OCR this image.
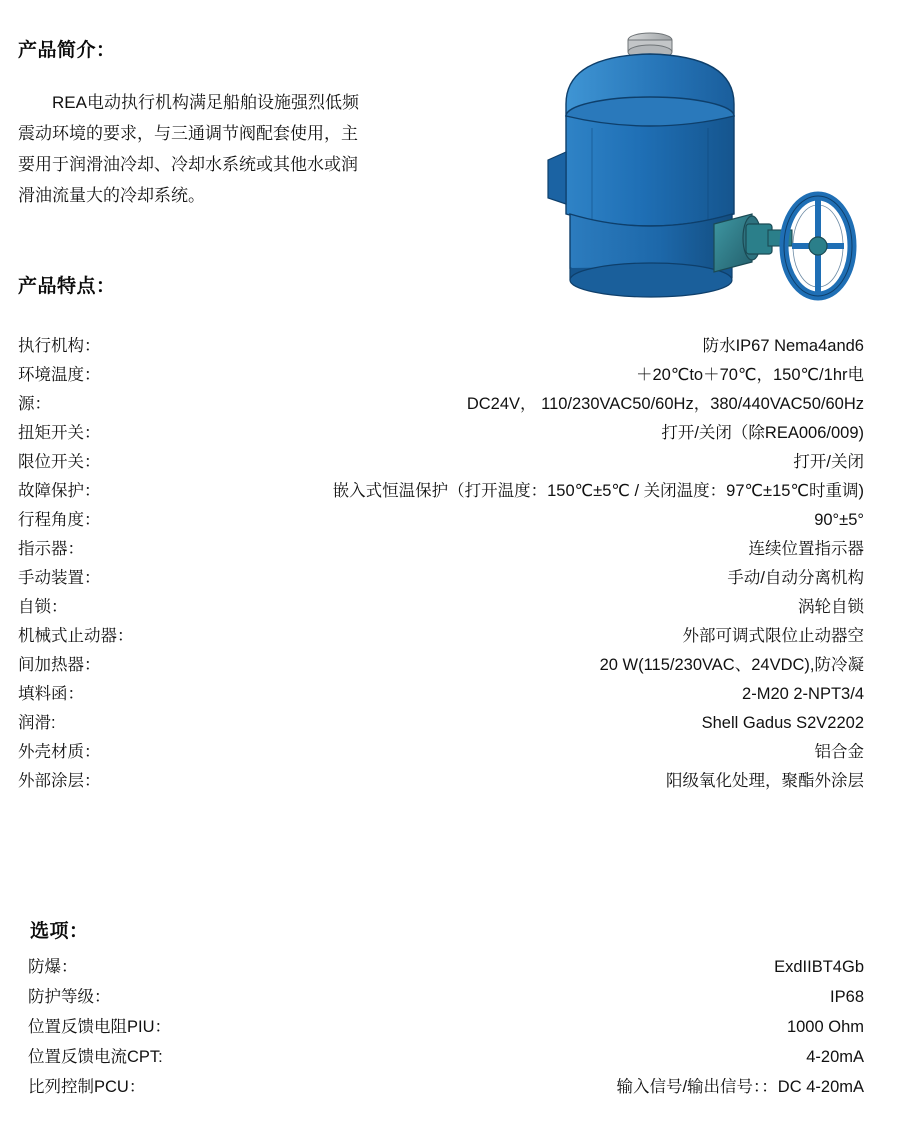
产品简介：

REA电动执行机构满足船舶设施强烈低频震动环境的要求，与三通调节阀配套使用，主要用于润滑油冷却、冷却水系统或其他水或润滑油流量大的冷却系统。

产品特点：
执行机构：	防水IP67 Nema4and6
环境温度：	＋20℃to＋70℃，150℃/1hr电
源：	DC24V， 110/230VAC50/60Hz，380/440VAC50/60Hz
扭矩开关：	打开/关闭（除REA006/009)
限位开关：	打开/关闭
故障保护：	嵌入式恒温保护（打开温度：150℃±5℃ / 关闭温度：97℃±15℃时重调)
行程角度：	90°±5°
指示器：	连续位置指示器
手动装置：	手动/自动分离机构
自锁：	涡轮自锁
机械式止动器：	外部可调式限位止动器空
间加热器：	20 W(115/230VAC、24VDC),防冷凝
填料函：	2-M20 2-NPT3/4
润滑:	Shell Gadus S2V2202
外壳材质：	铝合金
外部涂层：	阳级氧化处理，聚酯外涂层
选项：
防爆：	ExdIIBT4Gb
防护等级：	IP68
位置反馈电阻PIU：	1000 Ohm
位置反馈电流CPT:	4-20mA
比列控制PCU：	输入信号/输出信号：：DC 4-20mA
